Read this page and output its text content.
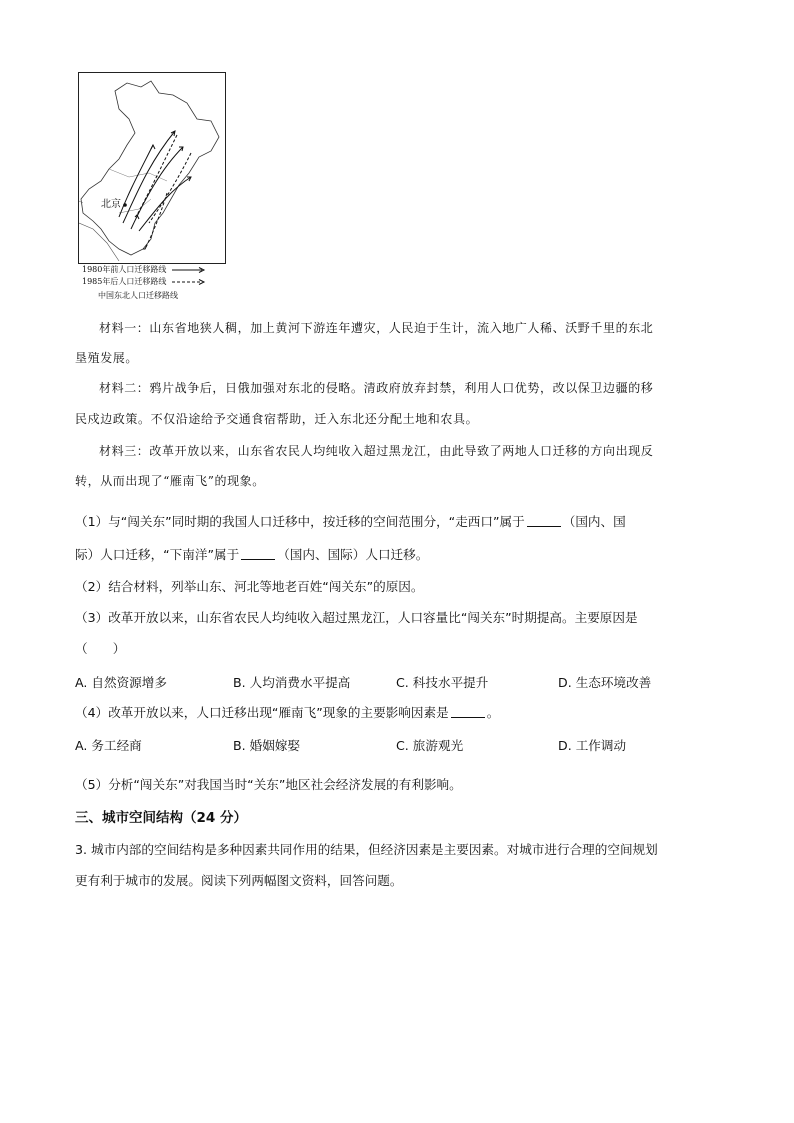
北京
1980年前人口迁移路线
1985年后人口迁移路线
中国东北人口迁移路线
材料一：山东省地狭人稠，加上黄河下游连年遭灾，人民迫于生计，流入地广人稀、沃野千里的东北
垦殖发展。
材料二：鸦片战争后，日俄加强对东北的侵略。清政府放弃封禁，利用人口优势，改以保卫边疆的移
民戍边政策。不仅沿途给予交通食宿帮助，迁入东北还分配土地和农具。
材料三：改革开放以来，山东省农民人均纯收入超过黑龙江，由此导致了两地人口迁移的方向出现反
转，从而出现了“雁南飞”的现象。
（1）与“闯关东”同时期的我国人口迁移中，按迁移的空间范围分，“走西口”属于	（国内、国
际）人口迁移，“下南洋”属于	（国内、国际）人口迁移。
（2）结合材料，列举山东、河北等地老百姓“闯关东”的原因。
（3）改革开放以来，山东省农民人均纯收入超过黑龙江，人口容量比“闯关东”时期提高。主要原因是
（　　）
A. 自然资源增多	B. 人均消费水平提高	C. 科技水平提升	D. 生态环境改善
（4）改革开放以来，人口迁移出现“雁南飞”现象的主要影响因素是	。
A. 务工经商	B. 婚姻嫁娶	C. 旅游观光	D. 工作调动
（5）分析“闯关东”对我国当时“关东”地区社会经济发展的有利影响。
三、城市空间结构（24 分）
3. 城市内部的空间结构是多种因素共同作用的结果，但经济因素是主要因素。对城市进行合理的空间规划
更有利于城市的发展。阅读下列两幅图文资料，回答问题。
